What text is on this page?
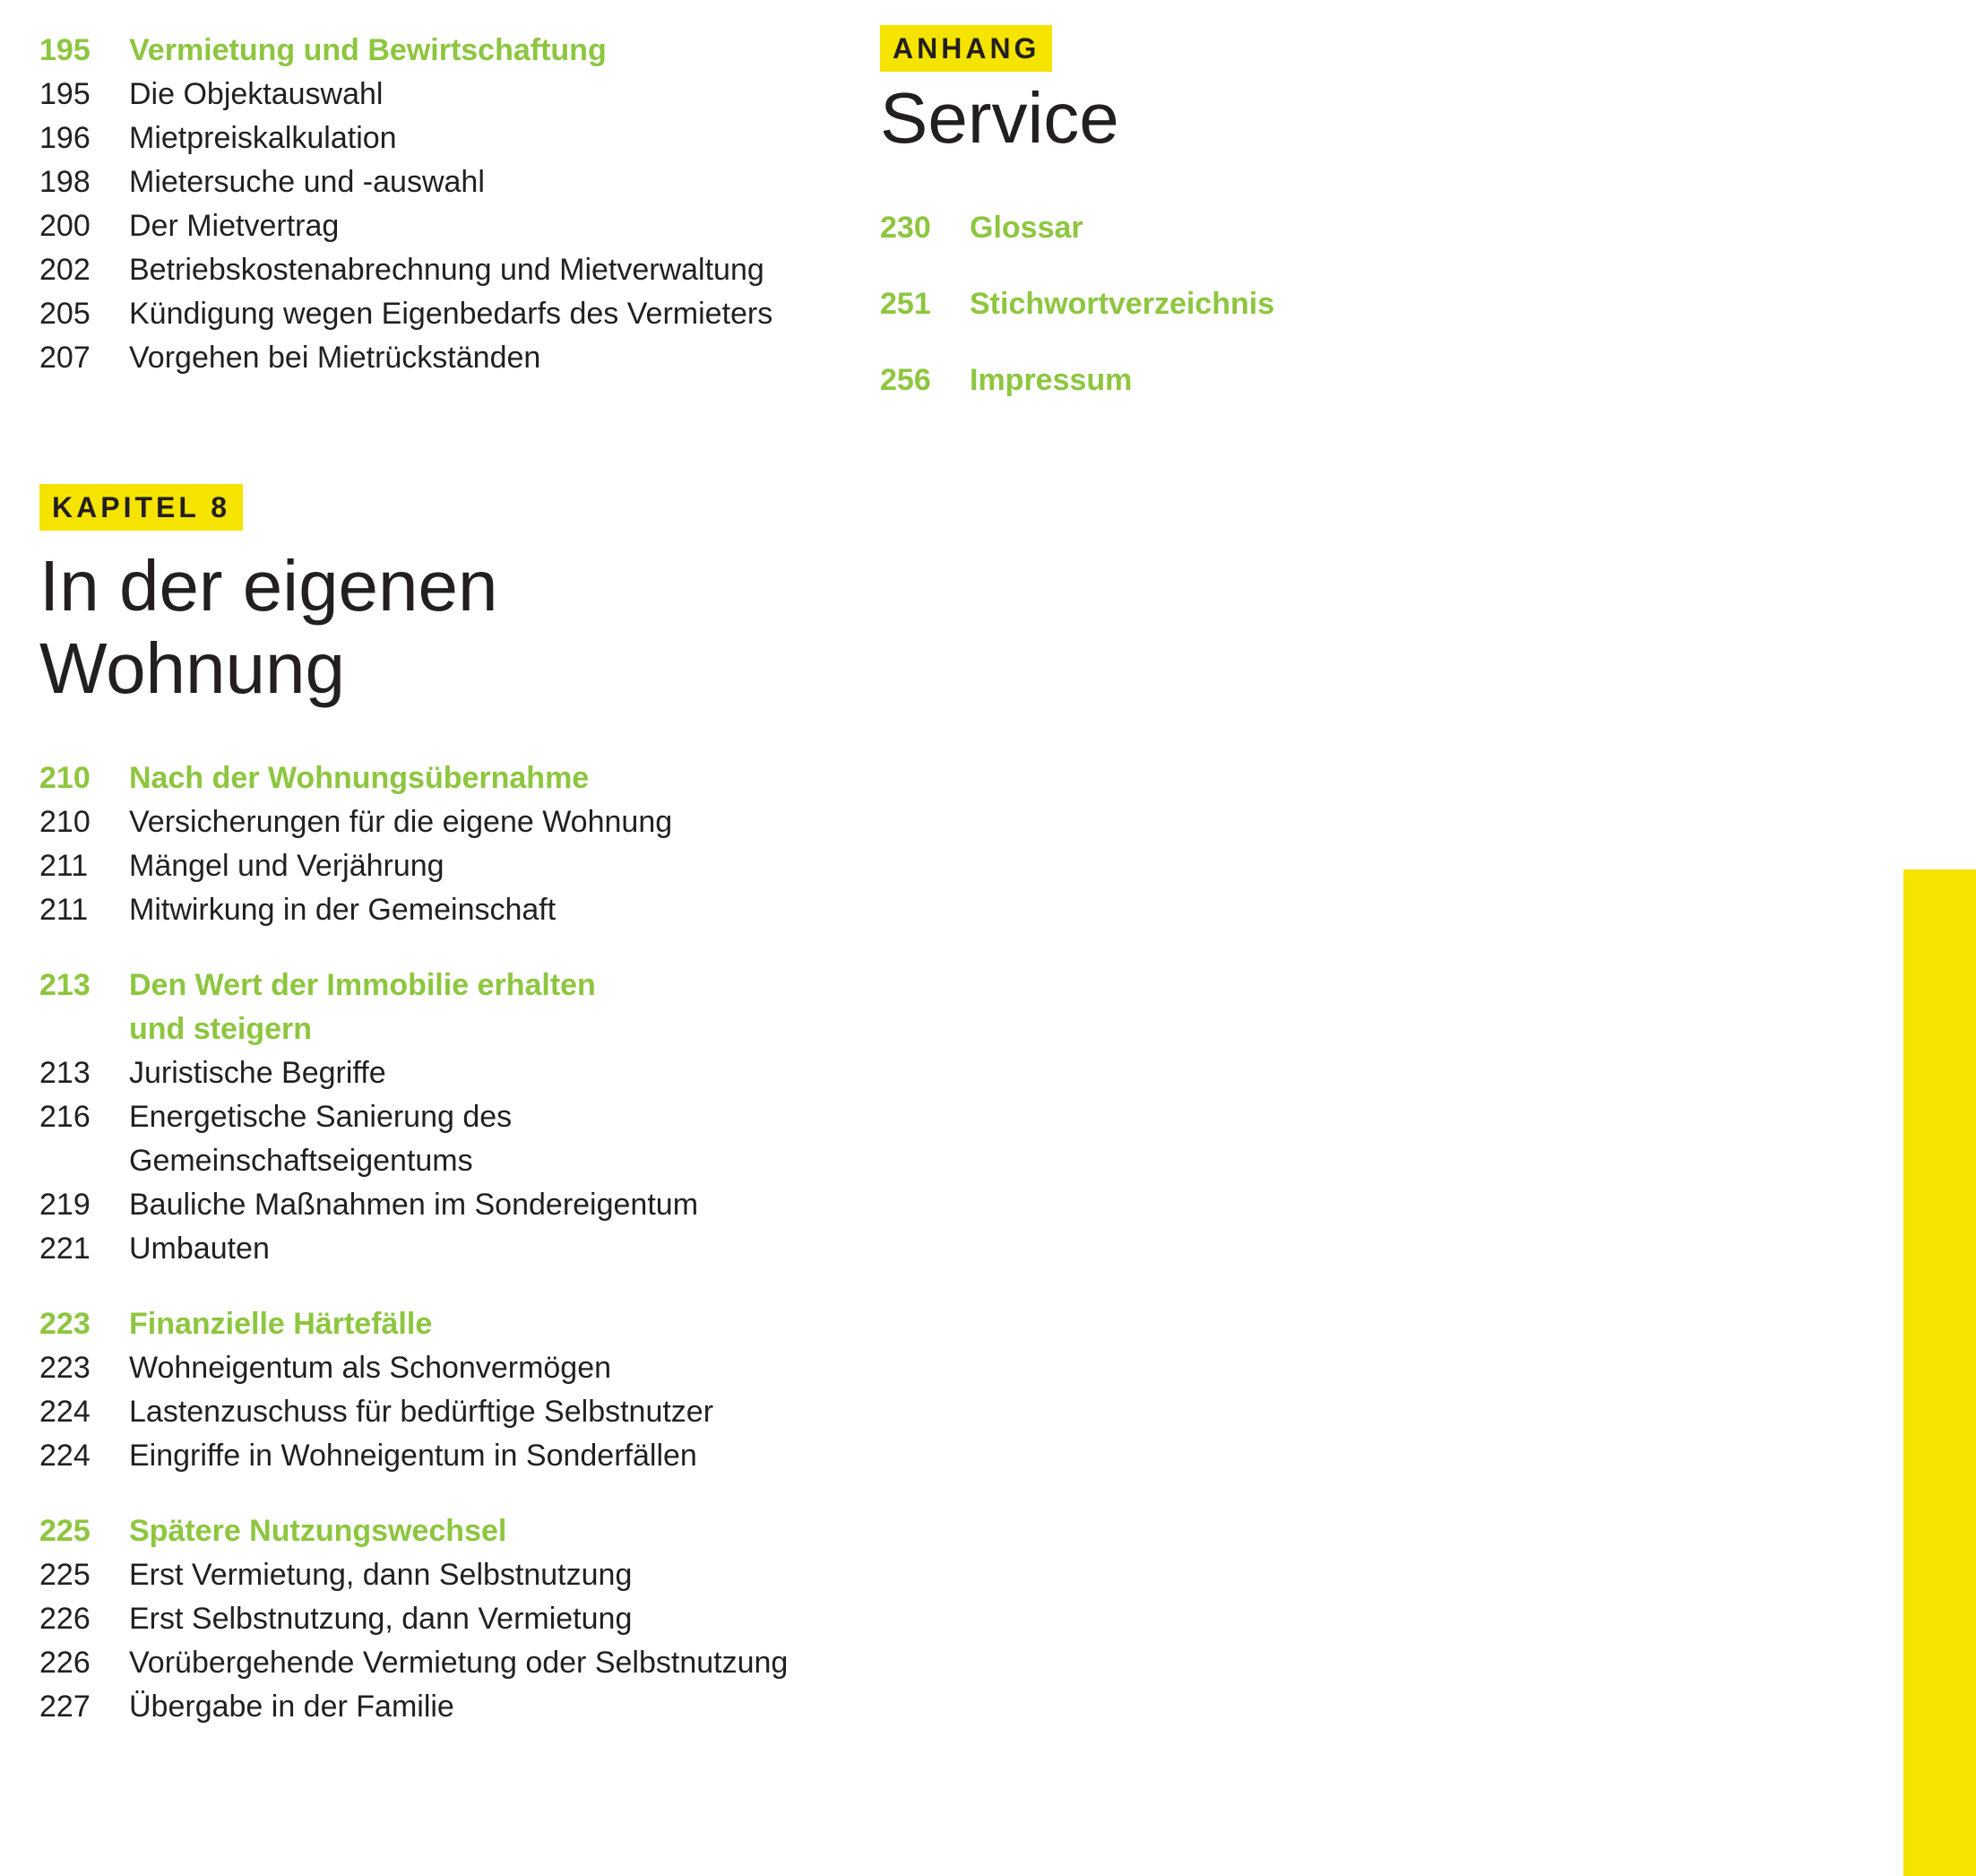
195	Vermietung und Bewirtschaftung
195	Die Objektauswahl
196	Mietpreiskalkulation
198	Mietersuche und -auswahl
200	Der Mietvertrag
202	Betriebskostenabrechnung und Mietverwaltung
205	Kündigung wegen Eigenbedarfs des Vermieters
207	Vorgehen bei Mietrückständen
KAPITEL 8
In der eigenen
Wohnung
210	Nach der Wohnungsübernahme
210	Versicherungen für die eigene Wohnung
211	Mängel und Verjährung
211	Mitwirkung in der Gemeinschaft
213	Den Wert der Immobilie erhalten
und steigern
213	Juristische Begriffe
216	Energetische Sanierung des
Gemeinschaftseigentums
219	Bauliche Maßnahmen im Sondereigentum
221	Umbauten
223	Finanzielle Härtefälle
223	Wohneigentum als Schonvermögen
224	Lastenzuschuss für bedürftige Selbstnutzer
224	Eingriffe in Wohneigentum in Sonderfällen
225	Spätere Nutzungswechsel
225	Erst Vermietung, dann Selbstnutzung
226	Erst Selbstnutzung, dann Vermietung
226	Vorübergehende Vermietung oder Selbstnutzung
227	Übergabe in der Familie
ANHANG
Service
230	Glossar
251	Stichwortverzeichnis
256	Impressum
